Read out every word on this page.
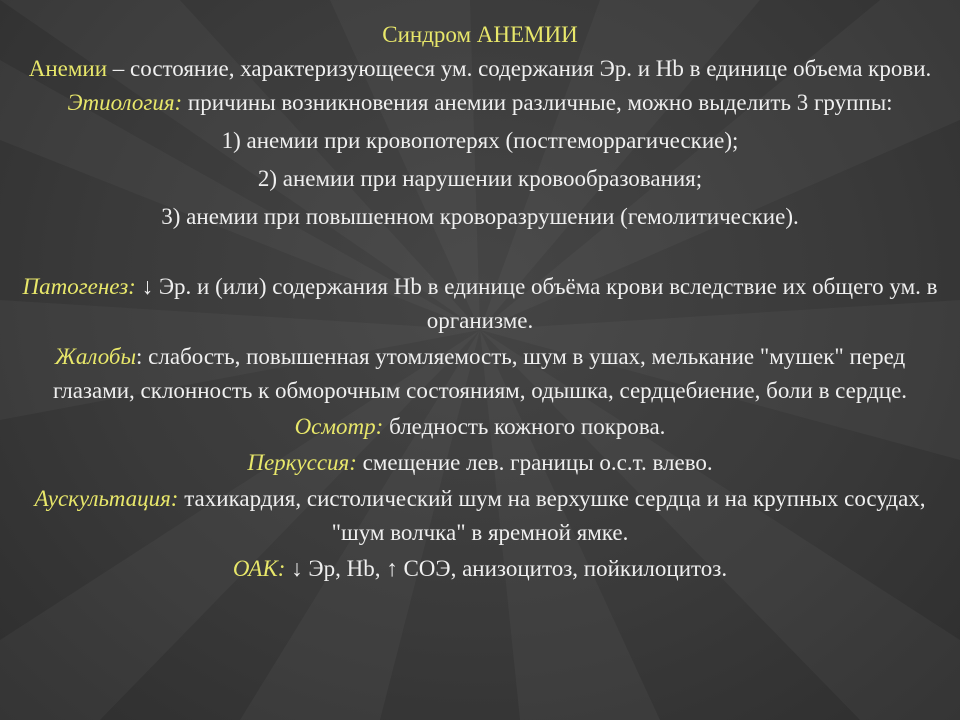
Синдром АНЕМИИ

Анемии – состояние, характеризующееся ум. содержания Эр. и Hb в единице объема крови.

Этиология: причины возникновения анемии различные, можно выделить 3 группы:

1) анемии при кровопотерях (постгеморрагические);

2) анемии при нарушении кровообразования;

3) анемии при повышенном кроворазрушении (гемолитические).

Патогенез: ↓ Эр. и (или) содержания Hb в единице объёма крови вследствие их общего ум. в организме.

Жалобы: слабость, повышенная утомляемость, шум в ушах, мелькание "мушек" перед глазами, склонность к обморочным состояниям, одышка, сердцебиение, боли в сердце.

Осмотр: бледность кожного покрова.

Перкуссия: смещение лев. границы о.с.т. влево.

Аускультация: тахикардия, систолический шум на верхушке сердца и на крупных сосудах, "шум волчка" в яремной ямке.

ОАК: ↓ Эр, Hb, ↑ СОЭ, анизоцитоз, пойкилоцитоз.
